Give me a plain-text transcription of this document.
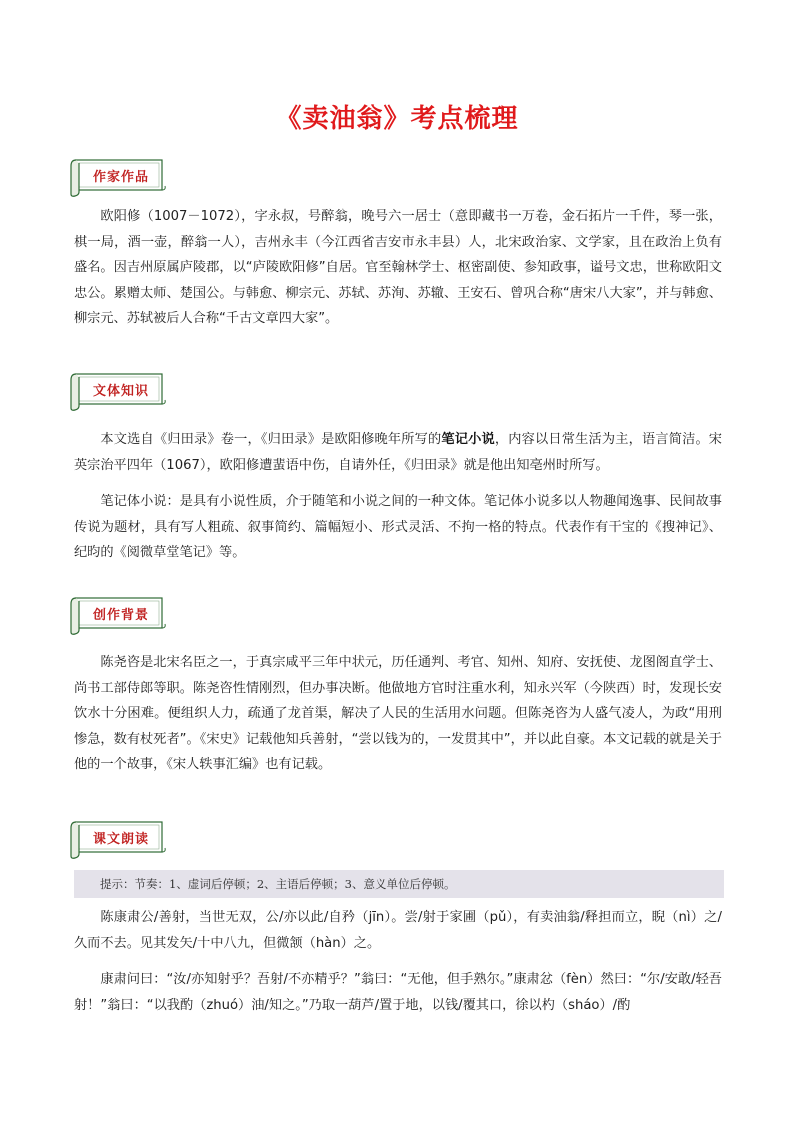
《卖油翁》考点梳理
作家作品
欧阳修（1007－1072），字永叔，号醉翁，晚号六一居士（意即藏书一万卷，金石拓片一千件，琴一张，棋一局，酒一壶，醉翁一人），吉州永丰（今江西省吉安市永丰县）人，北宋政治家、文学家，且在政治上负有盛名。因吉州原属庐陵郡，以“庐陵欧阳修”自居。官至翰林学士、枢密副使、参知政事，谥号文忠，世称欧阳文忠公。累赠太师、楚国公。与韩愈、柳宗元、苏轼、苏洵、苏辙、王安石、曾巩合称“唐宋八大家”，并与韩愈、柳宗元、苏轼被后人合称“千古文章四大家”。
文体知识
本文选自《归田录》卷一，《归田录》是欧阳修晚年所写的笔记小说，内容以日常生活为主，语言简洁。宋英宗治平四年（1067），欧阳修遭蜚语中伤，自请外任，《归田录》就是他出知亳州时所写。
笔记体小说：是具有小说性质，介于随笔和小说之间的一种文体。笔记体小说多以人物趣闻逸事、民间故事传说为题材，具有写人粗疏、叙事简约、篇幅短小、形式灵活、不拘一格的特点。代表作有干宝的《搜神记》、纪昀的《阅微草堂笔记》等。
创作背景
陈尧咨是北宋名臣之一，于真宗咸平三年中状元，历任通判、考官、知州、知府、安抚使、龙图阁直学士、尚书工部侍郎等职。陈尧咨性情刚烈，但办事决断。他做地方官时注重水利，知永兴军（今陕西）时，发现长安饮水十分困难。便组织人力，疏通了龙首渠，解决了人民的生活用水问题。但陈尧咨为人盛气凌人，为政“用刑惨急，数有杖死者”。《宋史》记载他知兵善射，“尝以钱为的，一发贯其中”，并以此自豪。本文记载的就是关于他的一个故事，《宋人轶事汇编》也有记载。
课文朗读
提示：节奏：1、虚词后停顿；2、主语后停顿；3、意义单位后停顿。
陈康肃公/善射，当世无双，公/亦以此/自矜（jīn）。尝/射于家圃（pǔ），有卖油翁/释担而立，睨（nì）之/久而不去。见其发矢/十中八九，但微颔（hàn）之。
康肃问曰：“汝/亦知射乎？吾射/不亦精乎？”翁曰：“无他，但手熟尔。”康肃忿（fèn）然曰：“尔/安敢/轻吾射！”翁曰：“以我酌（zhuó）油/知之。”乃取一葫芦/置于地，以钱/覆其口，徐以杓（sháo）/酌
